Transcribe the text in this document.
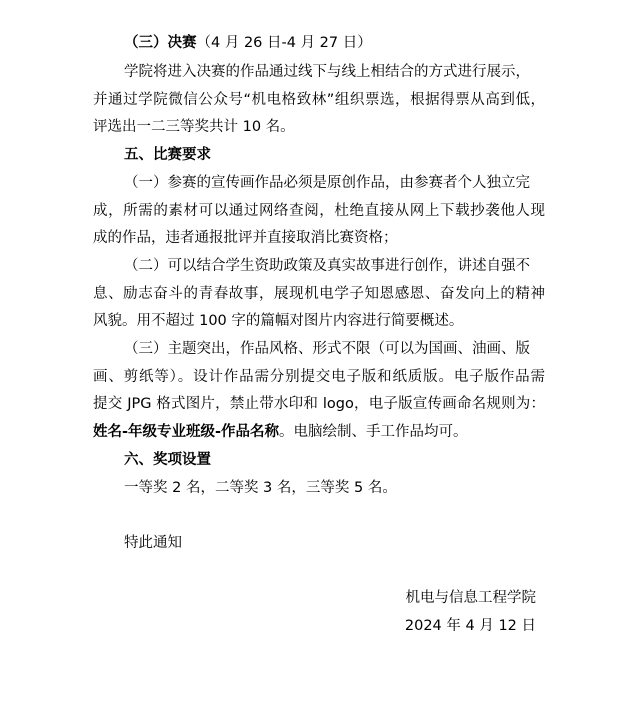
（三）决赛（4 月 26 日-4 月 27 日）
学院将进入决赛的作品通过线下与线上相结合的方式进行展示，
并通过学院微信公众号“机电格致林”组织票选，根据得票从高到低，
评选出一二三等奖共计 10 名。
五、比赛要求
（一）参赛的宣传画作品必须是原创作品，由参赛者个人独立完
成，所需的素材可以通过网络查阅，杜绝直接从网上下载抄袭他人现
成的作品，违者通报批评并直接取消比赛资格；
（二）可以结合学生资助政策及真实故事进行创作，讲述自强不
息、励志奋斗的青春故事，展现机电学子知恩感恩、奋发向上的精神
风貌。用不超过 100 字的篇幅对图片内容进行简要概述。
（三）主题突出，作品风格、形式不限（可以为国画、油画、版
画、剪纸等）。设计作品需分别提交电子版和纸质版。电子版作品需
提交 JPG 格式图片，禁止带水印和 logo，电子版宣传画命名规则为：
姓名-年级专业班级-作品名称。电脑绘制、手工作品均可。
六、奖项设置
一等奖 2 名，二等奖 3 名，三等奖 5 名。
特此通知
机电与信息工程学院
2024 年 4 月 12 日
